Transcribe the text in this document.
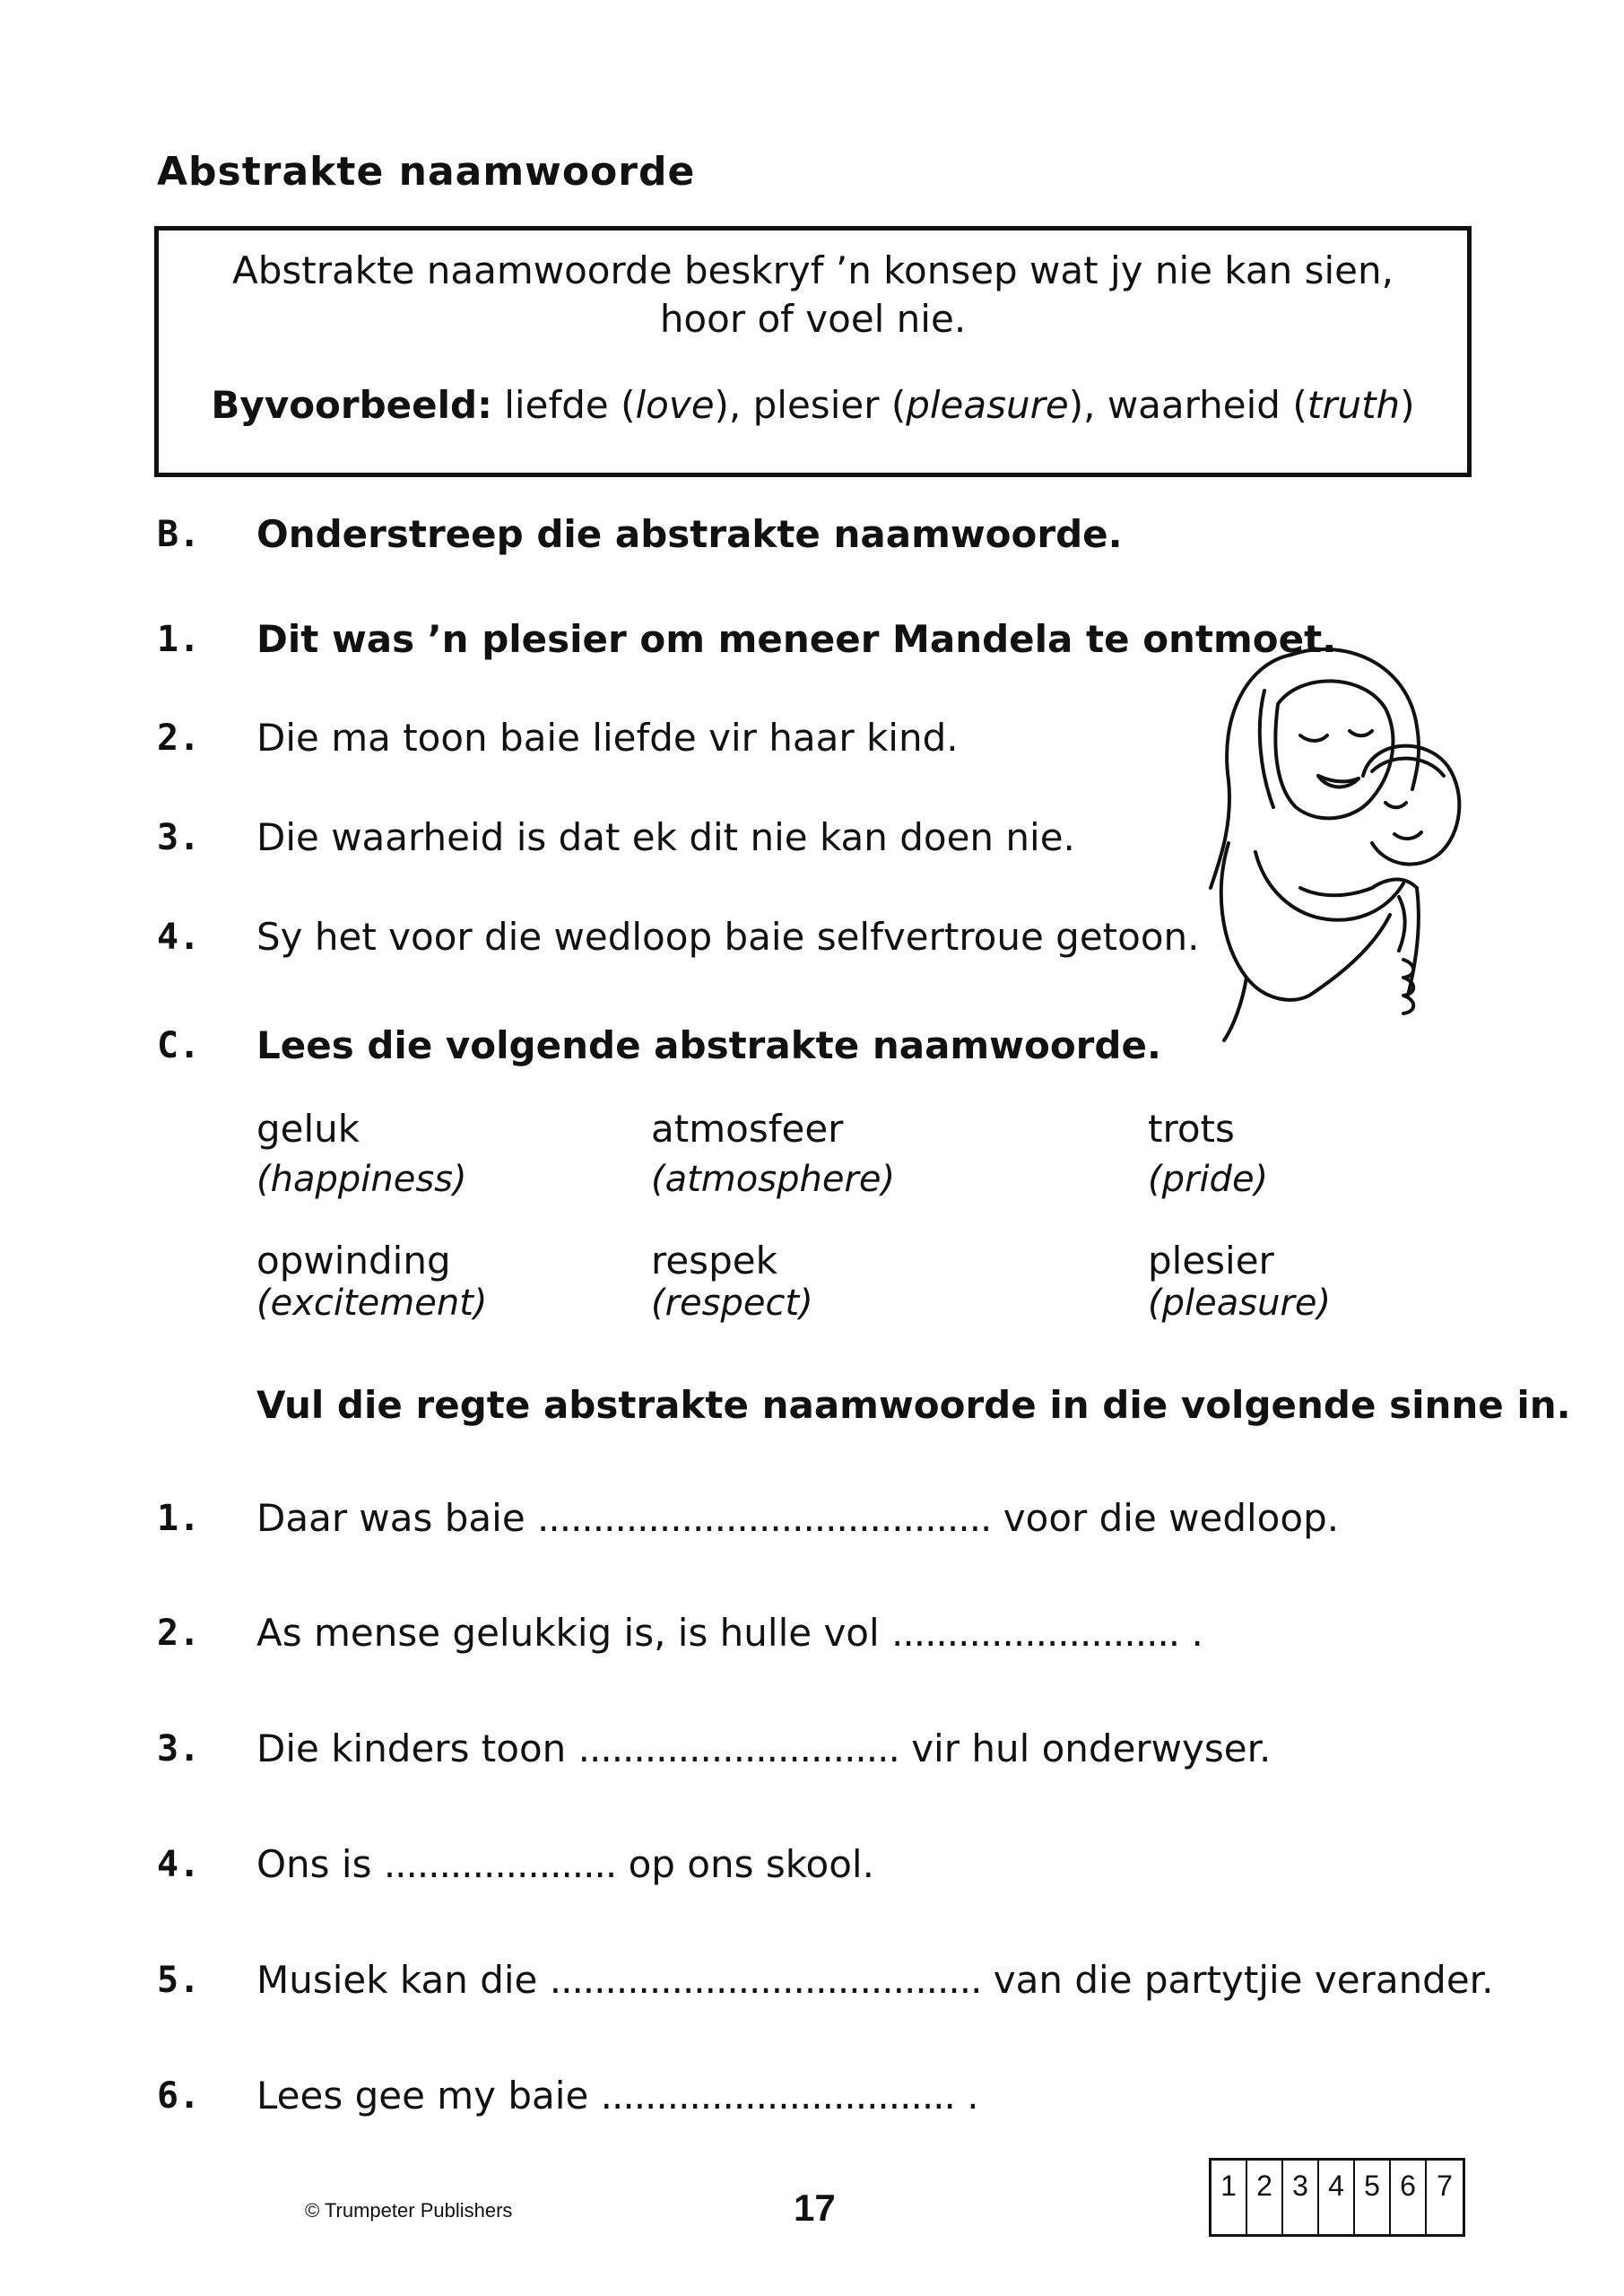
Abstrakte naamwoorde
Abstrakte naamwoorde beskryf ’n konsep wat jy nie kan sien,
hoor of voel nie.
Byvoorbeeld: liefde (love), plesier (pleasure), waarheid (truth)
B. Onderstreep die abstrakte naamwoorde.
1. Dit was ’n plesier om meneer Mandela te ontmoet.
2. Die ma toon baie liefde vir haar kind.
3. Die waarheid is dat ek dit nie kan doen nie.
4. Sy het voor die wedloop baie selfvertroue getoon.
C. Lees die volgende abstrakte naamwoorde.
geluk
(happiness)
atmosfeer
(atmosphere)
trots
(pride)
opwinding
(excitement)
respek
(respect)
plesier
(pleasure)
Vul die regte abstrakte naamwoorde in die volgende sinne in.
1. Daar was baie ......................................... voor die wedloop.
2. As mense gelukkig is, is hulle vol .......................... .
3. Die kinders toon ............................. vir hul onderwyser.
4. Ons is ..................... op ons skool.
5. Musiek kan die ....................................... van die partytjie verander.
6. Lees gee my baie ................................ .
© Trumpeter Publishers	17
1 2 3 4 5 6 7
